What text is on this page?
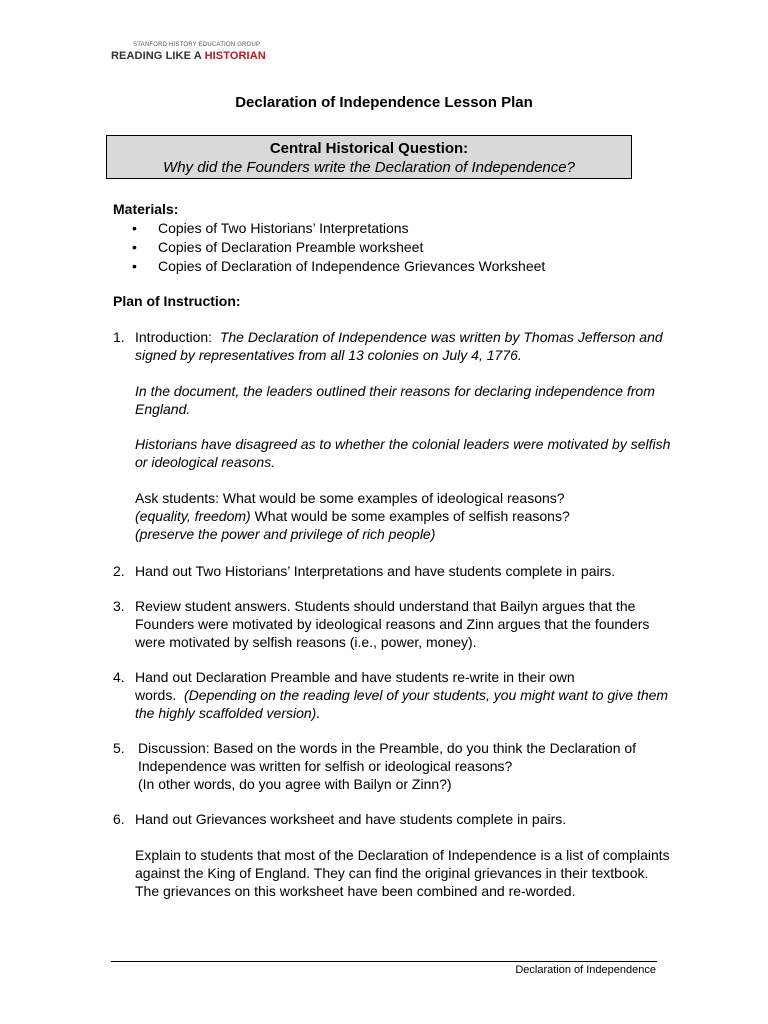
STANFORD HISTORY EDUCATION GROUP
READING LIKE A HISTORIAN
Declaration of Independence Lesson Plan
Central Historical Question:
Why did the Founders write the Declaration of Independence?
Materials:
• Copies of Two Historians’ Interpretations
• Copies of Declaration Preamble worksheet
• Copies of Declaration of Independence Grievances Worksheet
Plan of Instruction:
1. Introduction: The Declaration of Independence was written by Thomas Jefferson and signed by representatives from all 13 colonies on July 4, 1776.
In the document, the leaders outlined their reasons for declaring independence from England.
Historians have disagreed as to whether the colonial leaders were motivated by selfish or ideological reasons.
Ask students: What would be some examples of ideological reasons?
(equality, freedom) What would be some examples of selfish reasons?
(preserve the power and privilege of rich people)
2. Hand out Two Historians’ Interpretations and have students complete in pairs.
3. Review student answers. Students should understand that Bailyn argues that the Founders were motivated by ideological reasons and Zinn argues that the founders were motivated by selfish reasons (i.e., power, money).
4. Hand out Declaration Preamble and have students re-write in their own words. (Depending on the reading level of your students, you might want to give them the highly scaffolded version).
5. Discussion: Based on the words in the Preamble, do you think the Declaration of Independence was written for selfish or ideological reasons?
(In other words, do you agree with Bailyn or Zinn?)
6. Hand out Grievances worksheet and have students complete in pairs.
Explain to students that most of the Declaration of Independence is a list of complaints against the King of England. They can find the original grievances in their textbook. The grievances on this worksheet have been combined and re-worded.
Declaration of Independence
